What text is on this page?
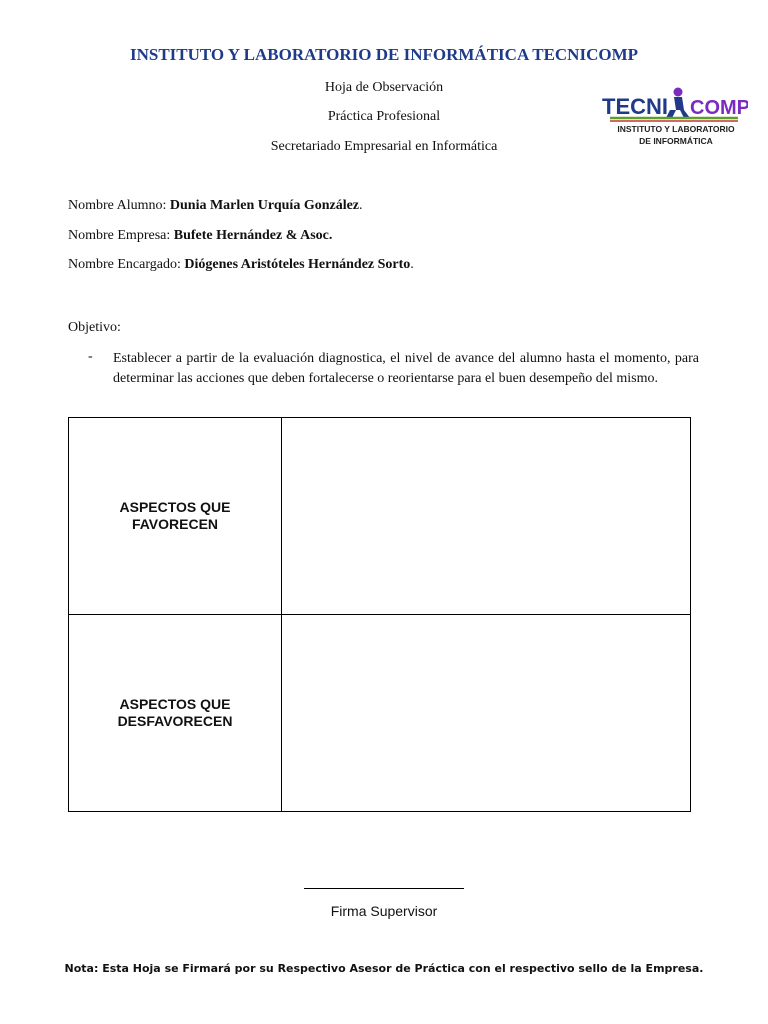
INSTITUTO Y LABORATORIO DE INFORMÁTICA TECNICOMP
Hoja de Observación
Práctica Profesional
Secretariado Empresarial en Informática
TECNI COMP
INSTITUTO Y LABORATORIO
DE INFORMÁTICA
Nombre Alumno: Dunia Marlen Urquía González.
Nombre Empresa: Bufete Hernández & Asoc.
Nombre Encargado: Diógenes Aristóteles Hernández Sorto.
Objetivo:
- Establecer a partir de la evaluación diagnostica, el nivel de avance del alumno hasta el momento, para determinar las acciones que deben fortalecerse o reorientarse para el buen desempeño del mismo.
ASPECTOS QUE FAVORECEN	
ASPECTOS QUE DESFAVORECEN	
Firma Supervisor
Nota: Esta Hoja se Firmará por su Respectivo Asesor de Práctica con el respectivo sello de la Empresa.
